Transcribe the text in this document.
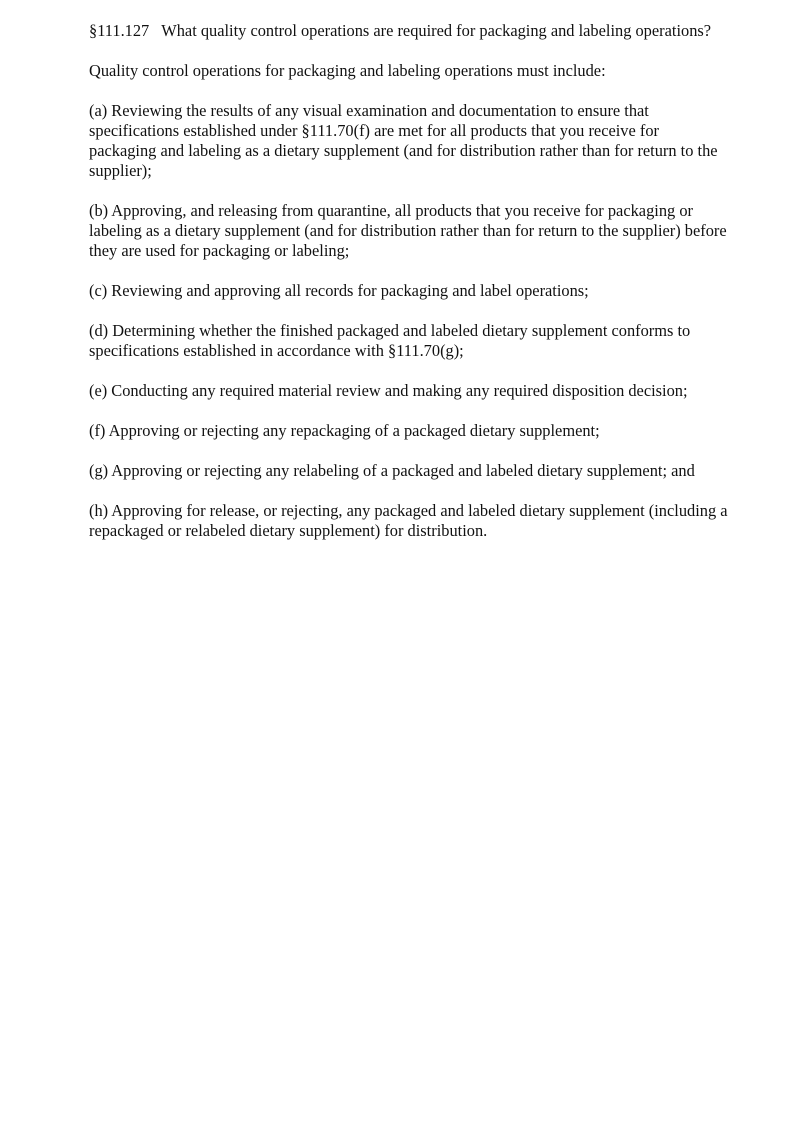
§111.127 What quality control operations are required for packaging and labeling operations?

Quality control operations for packaging and labeling operations must include:

(a) Reviewing the results of any visual examination and documentation to ensure that specifications established under §111.70(f) are met for all products that you receive for packaging and labeling as a dietary supplement (and for distribution rather than for return to the supplier);

(b) Approving, and releasing from quarantine, all products that you receive for packaging or labeling as a dietary supplement (and for distribution rather than for return to the supplier) before they are used for packaging or labeling;

(c) Reviewing and approving all records for packaging and label operations;

(d) Determining whether the finished packaged and labeled dietary supplement conforms to specifications established in accordance with §111.70(g);

(e) Conducting any required material review and making any required disposition decision;

(f) Approving or rejecting any repackaging of a packaged dietary supplement;

(g) Approving or rejecting any relabeling of a packaged and labeled dietary supplement; and

(h) Approving for release, or rejecting, any packaged and labeled dietary supplement (including a repackaged or relabeled dietary supplement) for distribution.
